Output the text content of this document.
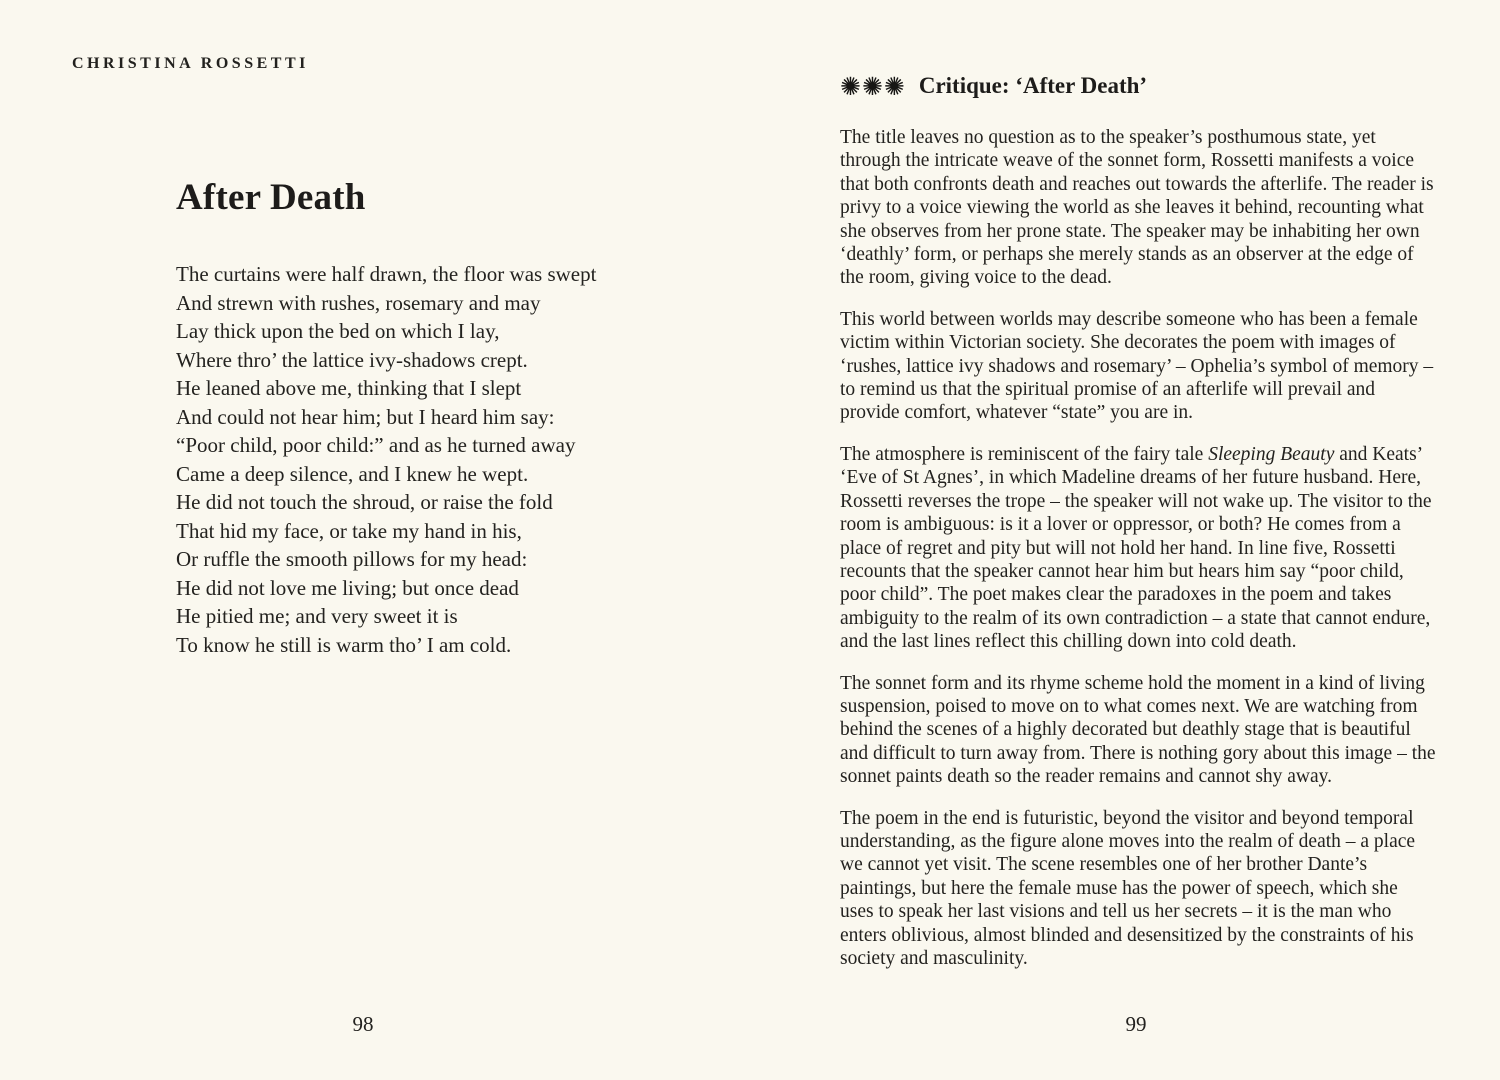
CHRISTINA ROSSETTI
After Death
The curtains were half drawn, the floor was swept
And strewn with rushes, rosemary and may
Lay thick upon the bed on which I lay,
Where thro’ the lattice ivy-shadows crept.
He leaned above me, thinking that I slept
And could not hear him; but I heard him say:
“Poor child, poor child:” and as he turned away
Came a deep silence, and I knew he wept.
He did not touch the shroud, or raise the fold
That hid my face, or take my hand in his,
Or ruffle the smooth pillows for my head:
He did not love me living; but once dead
He pitied me; and very sweet it is
To know he still is warm tho’ I am cold.
98
✺✺✺ Critique: ‘After Death’

The title leaves no question as to the speaker’s posthumous state, yet through the intricate weave of the sonnet form, Rossetti manifests a voice that both confronts death and reaches out towards the afterlife. The reader is privy to a voice viewing the world as she leaves it behind, recounting what she observes from her prone state. The speaker may be inhabiting her own ‘deathly’ form, or perhaps she merely stands as an observer at the edge of the room, giving voice to the dead.

This world between worlds may describe someone who has been a female victim within Victorian society. She decorates the poem with images of ‘rushes, lattice ivy shadows and rosemary’ – Ophelia’s symbol of memory – to remind us that the spiritual promise of an afterlife will prevail and provide comfort, whatever “state” you are in.

The atmosphere is reminiscent of the fairy tale Sleeping Beauty and Keats’ ‘Eve of St Agnes’, in which Madeline dreams of her future husband. Here, Rossetti reverses the trope – the speaker will not wake up. The visitor to the room is ambiguous: is it a lover or oppressor, or both? He comes from a place of regret and pity but will not hold her hand. In line five, Rossetti recounts that the speaker cannot hear him but hears him say “poor child, poor child”. The poet makes clear the paradoxes in the poem and takes ambiguity to the realm of its own contradiction – a state that cannot endure, and the last lines reflect this chilling down into cold death.

The sonnet form and its rhyme scheme hold the moment in a kind of living suspension, poised to move on to what comes next. We are watching from behind the scenes of a highly decorated but deathly stage that is beautiful and difficult to turn away from. There is nothing gory about this image – the sonnet paints death so the reader remains and cannot shy away.

The poem in the end is futuristic, beyond the visitor and beyond temporal understanding, as the figure alone moves into the realm of death – a place we cannot yet visit. The scene resembles one of her brother Dante’s paintings, but here the female muse has the power of speech, which she uses to speak her last visions and tell us her secrets – it is the man who enters oblivious, almost blinded and desensitized by the constraints of his society and masculinity.

99
